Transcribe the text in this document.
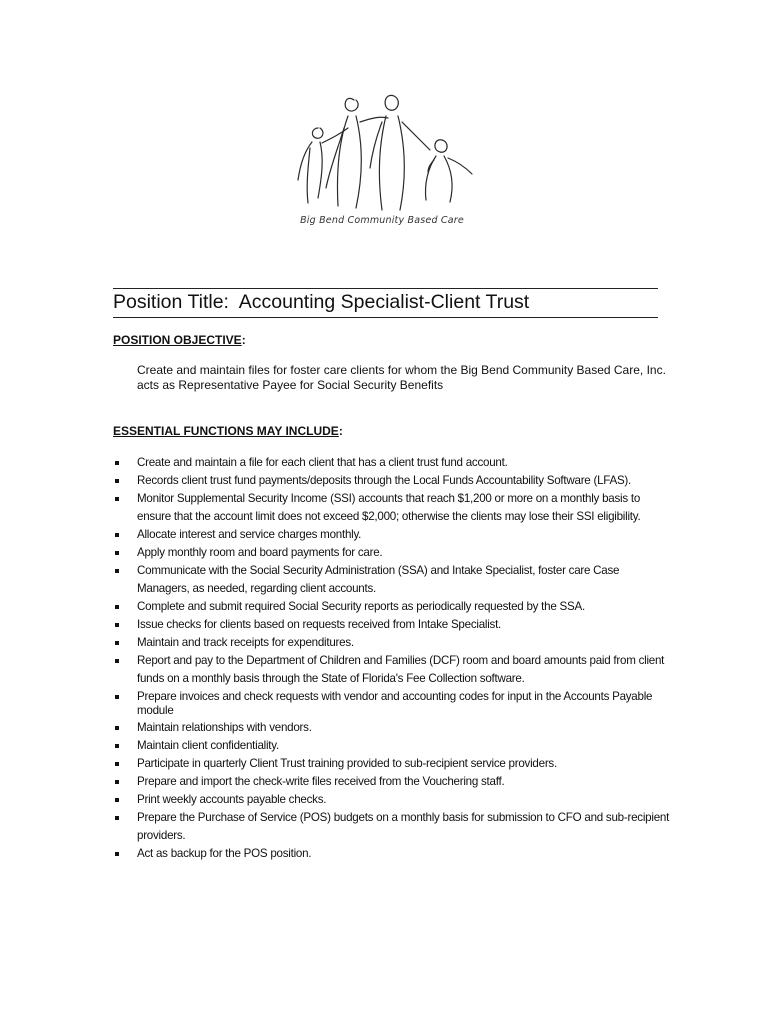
Big Bend Community Based Care
Position Title: Accounting Specialist-Client Trust
POSITION OBJECTIVE:
Create and maintain files for foster care clients for whom the Big Bend Community Based Care, Inc. acts as Representative Payee for Social Security Benefits
ESSENTIAL FUNCTIONS MAY INCLUDE:
Create and maintain a file for each client that has a client trust fund account.
Records client trust fund payments/deposits through the Local Funds Accountability Software (LFAS).
Monitor Supplemental Security Income (SSI) accounts that reach $1,200 or more on a monthly basis to ensure that the account limit does not exceed $2,000; otherwise the clients may lose their SSI eligibility.
Allocate interest and service charges monthly.
Apply monthly room and board payments for care.
Communicate with the Social Security Administration (SSA) and Intake Specialist, foster care Case Managers, as needed, regarding client accounts.
Complete and submit required Social Security reports as periodically requested by the SSA.
Issue checks for clients based on requests received from Intake Specialist.
Maintain and track receipts for expenditures.
Report and pay to the Department of Children and Families (DCF) room and board amounts paid from client funds on a monthly basis through the State of Florida's Fee Collection software.
Prepare invoices and check requests with vendor and accounting codes for input in the Accounts Payable module
Maintain relationships with vendors.
Maintain client confidentiality.
Participate in quarterly Client Trust training provided to sub-recipient service providers.
Prepare and import the check-write files received from the Vouchering staff.
Print weekly accounts payable checks.
Prepare the Purchase of Service (POS) budgets on a monthly basis for submission to CFO and sub-recipient providers.
Act as backup for the POS position.
